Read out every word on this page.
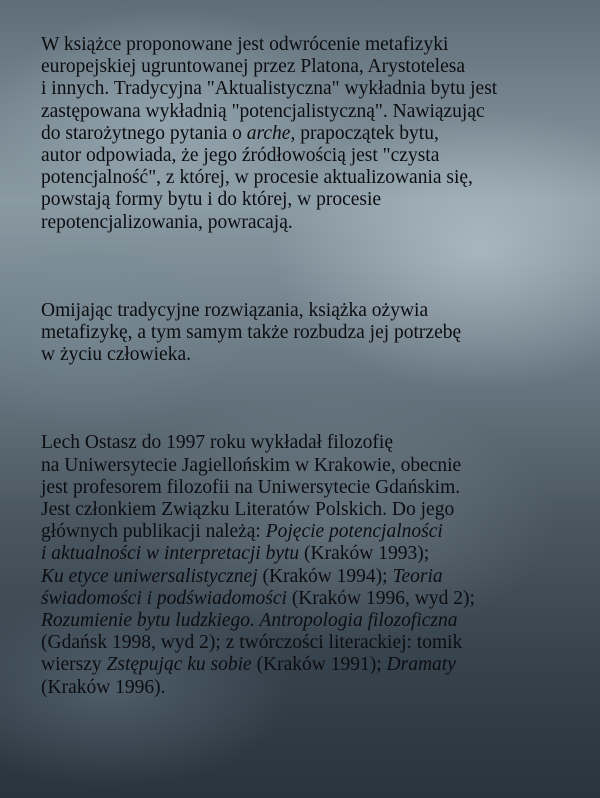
W książce proponowane jest odwrócenie metafizyki
europejskiej ugruntowanej przez Platona, Arystotelesa
i innych. Tradycyjna "Aktualistyczna" wykładnia bytu jest
zastępowana wykładnią "potencjalistyczną". Nawiązując
do starożytnego pytania o arche, prapoczątek bytu,
autor odpowiada, że jego źródłowością jest "czysta
potencjalność", z której, w procesie aktualizowania się,
powstają formy bytu i do której, w procesie
repotencjalizowania, powracają.
Omijając tradycyjne rozwiązania, książka ożywia
metafizykę, a tym samym także rozbudza jej potrzebę
w życiu człowieka.
Lech Ostasz do 1997 roku wykładał filozofię
na Uniwersytecie Jagiellońskim w Krakowie, obecnie
jest profesorem filozofii na Uniwersytecie Gdańskim.
Jest członkiem Związku Literatów Polskich. Do jego
głównych publikacji należą: Pojęcie potencjalności
i aktualności w interpretacji bytu (Kraków 1993);
Ku etyce uniwersalistycznej (Kraków 1994); Teoria
świadomości i podświadomości (Kraków 1996, wyd 2);
Rozumienie bytu ludzkiego. Antropologia filozoficzna
(Gdańsk 1998, wyd 2); z twórczości literackiej: tomik
wierszy Zstępując ku sobie (Kraków 1991); Dramaty
(Kraków 1996).
